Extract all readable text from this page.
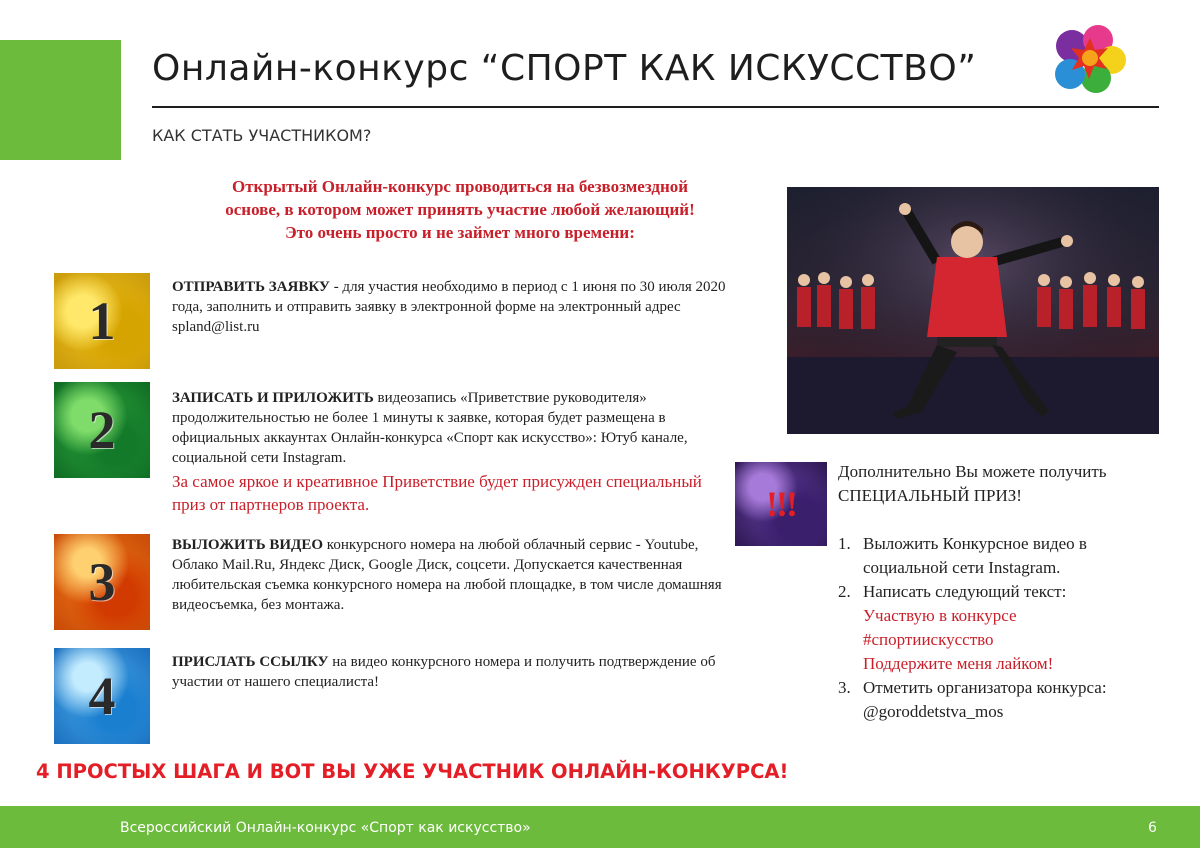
Онлайн-конкурс “СПОРТ КАК ИСКУССТВО”
КАК СТАТЬ УЧАСТНИКОМ?
Открытый Онлайн-конкурс проводиться на безвозмездной
основе, в котором может принять участие любой желающий!
Это очень просто и не займет много времени:
1
ОТПРАВИТЬ ЗАЯВКУ - для участия необходимо в период с 1 июня по 30 июля 2020 года, заполнить и отправить заявку в электронной форме на электронный адрес spland@list.ru
2
ЗАПИСАТЬ И ПРИЛОЖИТЬ видеозапись «Приветствие руководителя» продолжительностью не более 1 минуты к заявке, которая будет размещена в официальных аккаунтах Онлайн-конкурса «Спорт как искусство»: Ютуб канале, социальной сети Instagram.
За самое яркое и креативное Приветствие будет присужден специальный приз от партнеров проекта.
3
ВЫЛОЖИТЬ ВИДЕО конкурсного номера на любой облачный сервис - Youtube, Облако Mail.Ru, Яндекс Диск, Google Диск, соцсети. Допускается качественная любительская съемка конкурсного номера на любой площадке, в том числе домашняя видеосъемка, без монтажа.
4
ПРИСЛАТЬ ССЫЛКУ на видео конкурсного номера и получить подтверждение об участии от нашего специалиста!
!!!
Дополнительно Вы можете получить
СПЕЦИАЛЬНЫЙ ПРИЗ!
1. Выложить Конкурсное видео в социальной сети Instagram.
2. Написать следующий текст:
Участвую в конкурсе
#спортиискусство
Поддержите меня лайком!
3. Отметить организатора конкурса: @goroddetstva_mos
4 ПРОСТЫХ ШАГА И ВОТ ВЫ УЖЕ УЧАСТНИК ОНЛАЙН-КОНКУРСА!
Всероссийский Онлайн-конкурс «Спорт как искусство»	6
